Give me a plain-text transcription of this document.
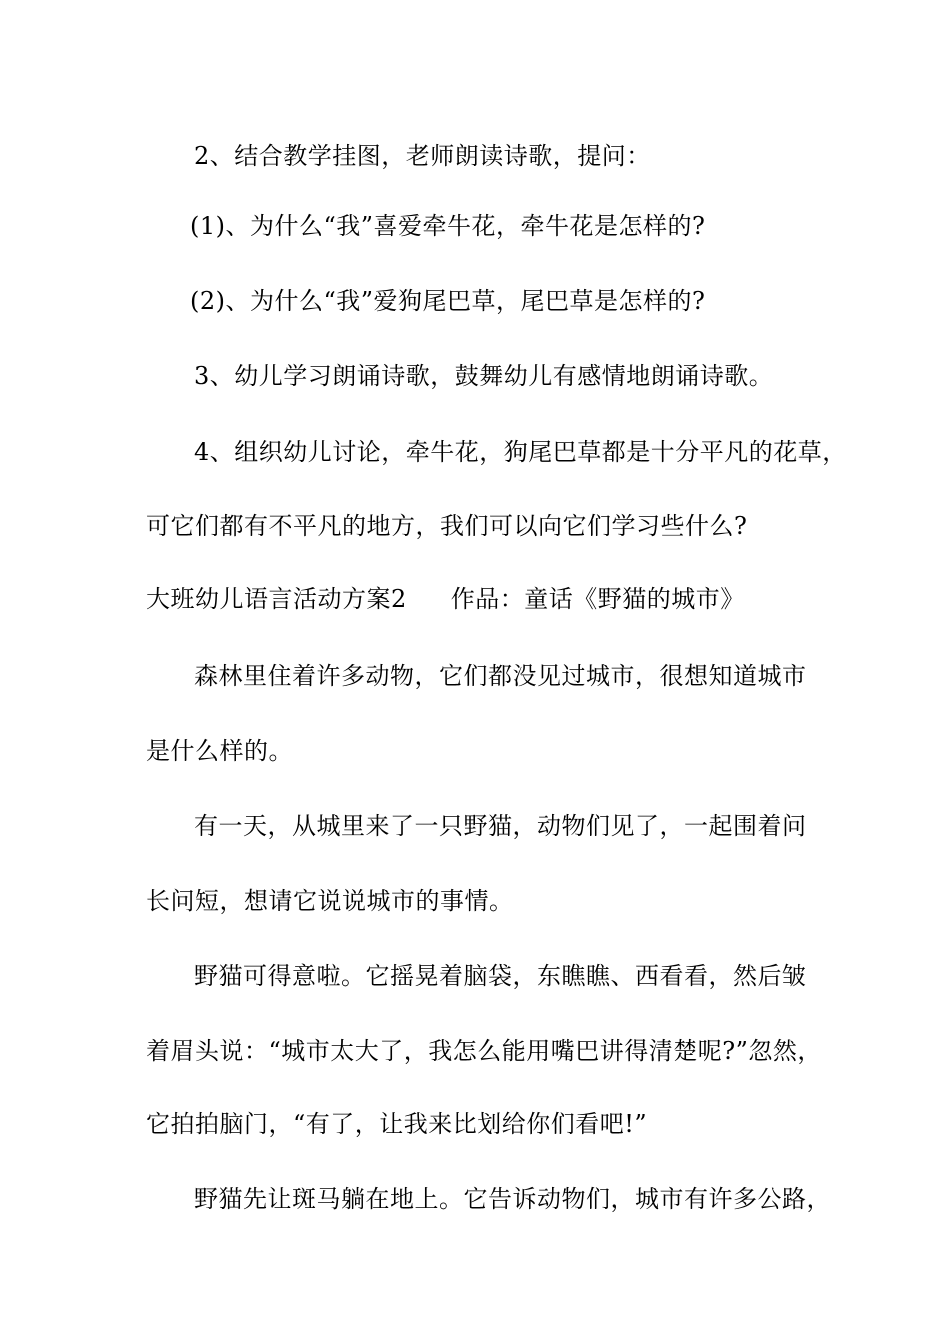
2、结合教学挂图，老师朗读诗歌，提问：
(1)、为什么“我”喜爱牵牛花，牵牛花是怎样的?
(2)、为什么“我”爱狗尾巴草，尾巴草是怎样的?
3、幼儿学习朗诵诗歌，鼓舞幼儿有感情地朗诵诗歌。
4、组织幼儿讨论，牵牛花，狗尾巴草都是十分平凡的花草，
可它们都有不平凡的地方，我们可以向它们学习些什么?
大班幼儿语言活动方案2 作品：童话《野猫的城市》
森林里住着许多动物，它们都没见过城市，很想知道城市
是什么样的。
有一天，从城里来了一只野猫，动物们见了，一起围着问
长问短，想请它说说城市的事情。
野猫可得意啦。它摇晃着脑袋，东瞧瞧、西看看，然后皱
着眉头说：“城市太大了，我怎么能用嘴巴讲得清楚呢?”忽然，
它拍拍脑门，“有了，让我来比划给你们看吧!”
野猫先让斑马躺在地上。它告诉动物们，城市有许多公路，
